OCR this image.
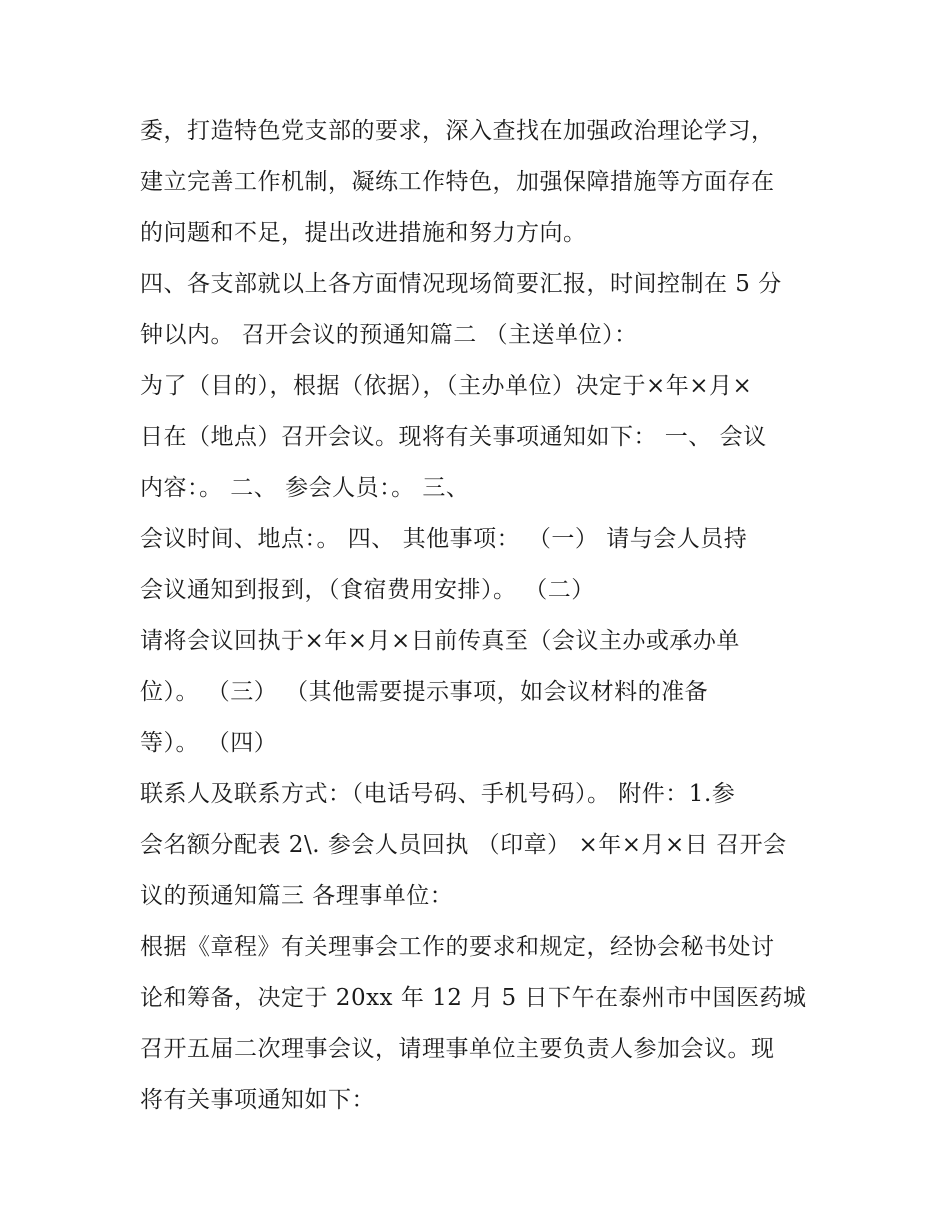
委，打造特色党支部的要求，深入查找在加强政治理论学习，
建立完善工作机制，凝练工作特色，加强保障措施等方面存在
的问题和不足，提出改进措施和努力方向。
四、各支部就以上各方面情况现场简要汇报，时间控制在 5 分
钟以内。 召开会议的预通知篇二 （主送单位）：
为了（目的），根据（依据），（主办单位）决定于×年×月×
日在（地点）召开会议。现将有关事项通知如下： 一、 会议
内容：。 二、 参会人员：。 三、
会议时间、地点：。 四、 其他事项： （一） 请与会人员持
会议通知到报到，（食宿费用安排）。 （二）
请将会议回执于×年×月×日前传真至（会议主办或承办单
位）。 （三） （其他需要提示事项，如会议材料的准备
等）。 （四）
联系人及联系方式：（电话号码、手机号码）。 附件：1.参
会名额分配表 2\. 参会人员回执 （印章） ×年×月×日 召开会
议的预通知篇三 各理事单位：
根据《章程》有关理事会工作的要求和规定，经协会秘书处讨
论和筹备，决定于 20xx 年 12 月 5 日下午在泰州市中国医药城
召开五届二次理事会议，请理事单位主要负责人参加会议。现
将有关事项通知如下：
